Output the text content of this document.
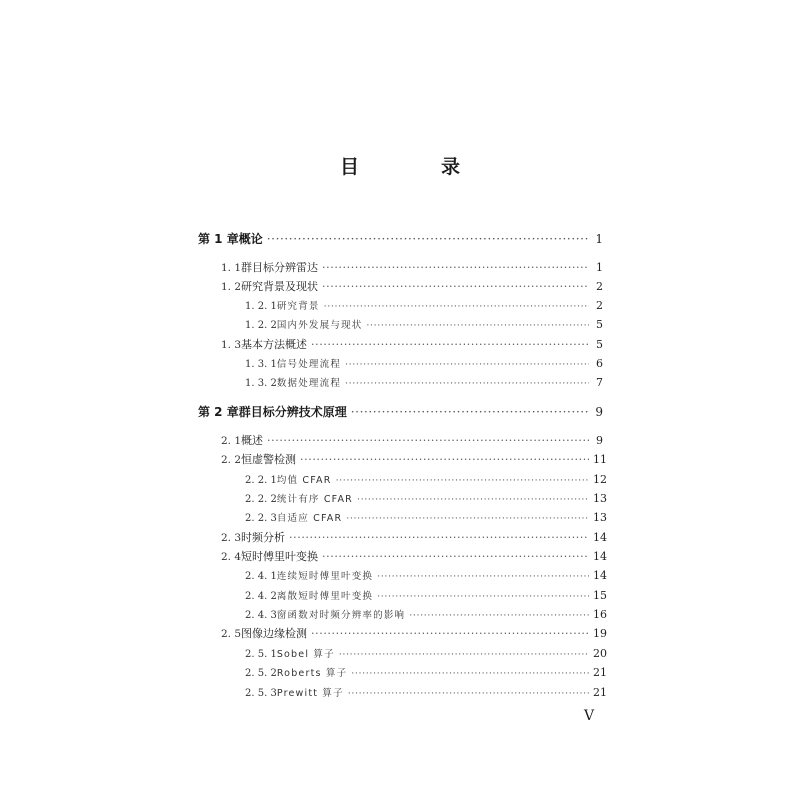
目	录
第 1 章 概论 ·····	1
1. 1 群目标分辨雷达 ·····	1
1. 2 研究背景及现状 ·····	2
1. 2. 1 研究背景 ·····	2
1. 2. 2 国内外发展与现状 ·····	5
1. 3 基本方法概述 ·····	5
1. 3. 1 信号处理流程 ·····	6
1. 3. 2 数据处理流程 ·····	7
第 2 章 群目标分辨技术原理 ·····	9
2. 1 概述 ·····	9
2. 2 恒虚警检测 ·····	11
2. 2. 1 均值 CFAR ·····	12
2. 2. 2 统计有序 CFAR ·····	13
2. 2. 3 自适应 CFAR ·····	13
2. 3 时频分析 ·····	14
2. 4 短时傅里叶变换 ·····	14
2. 4. 1 连续短时傅里叶变换 ·····	14
2. 4. 2 离散短时傅里叶变换 ·····	15
2. 4. 3 窗函数对时频分辨率的影响 ·····	16
2. 5 图像边缘检测 ·····	19
2. 5. 1 Sobel 算子 ·····	20
2. 5. 2 Roberts 算子 ·····	21
2. 5. 3 Prewitt 算子 ·····	21
V
